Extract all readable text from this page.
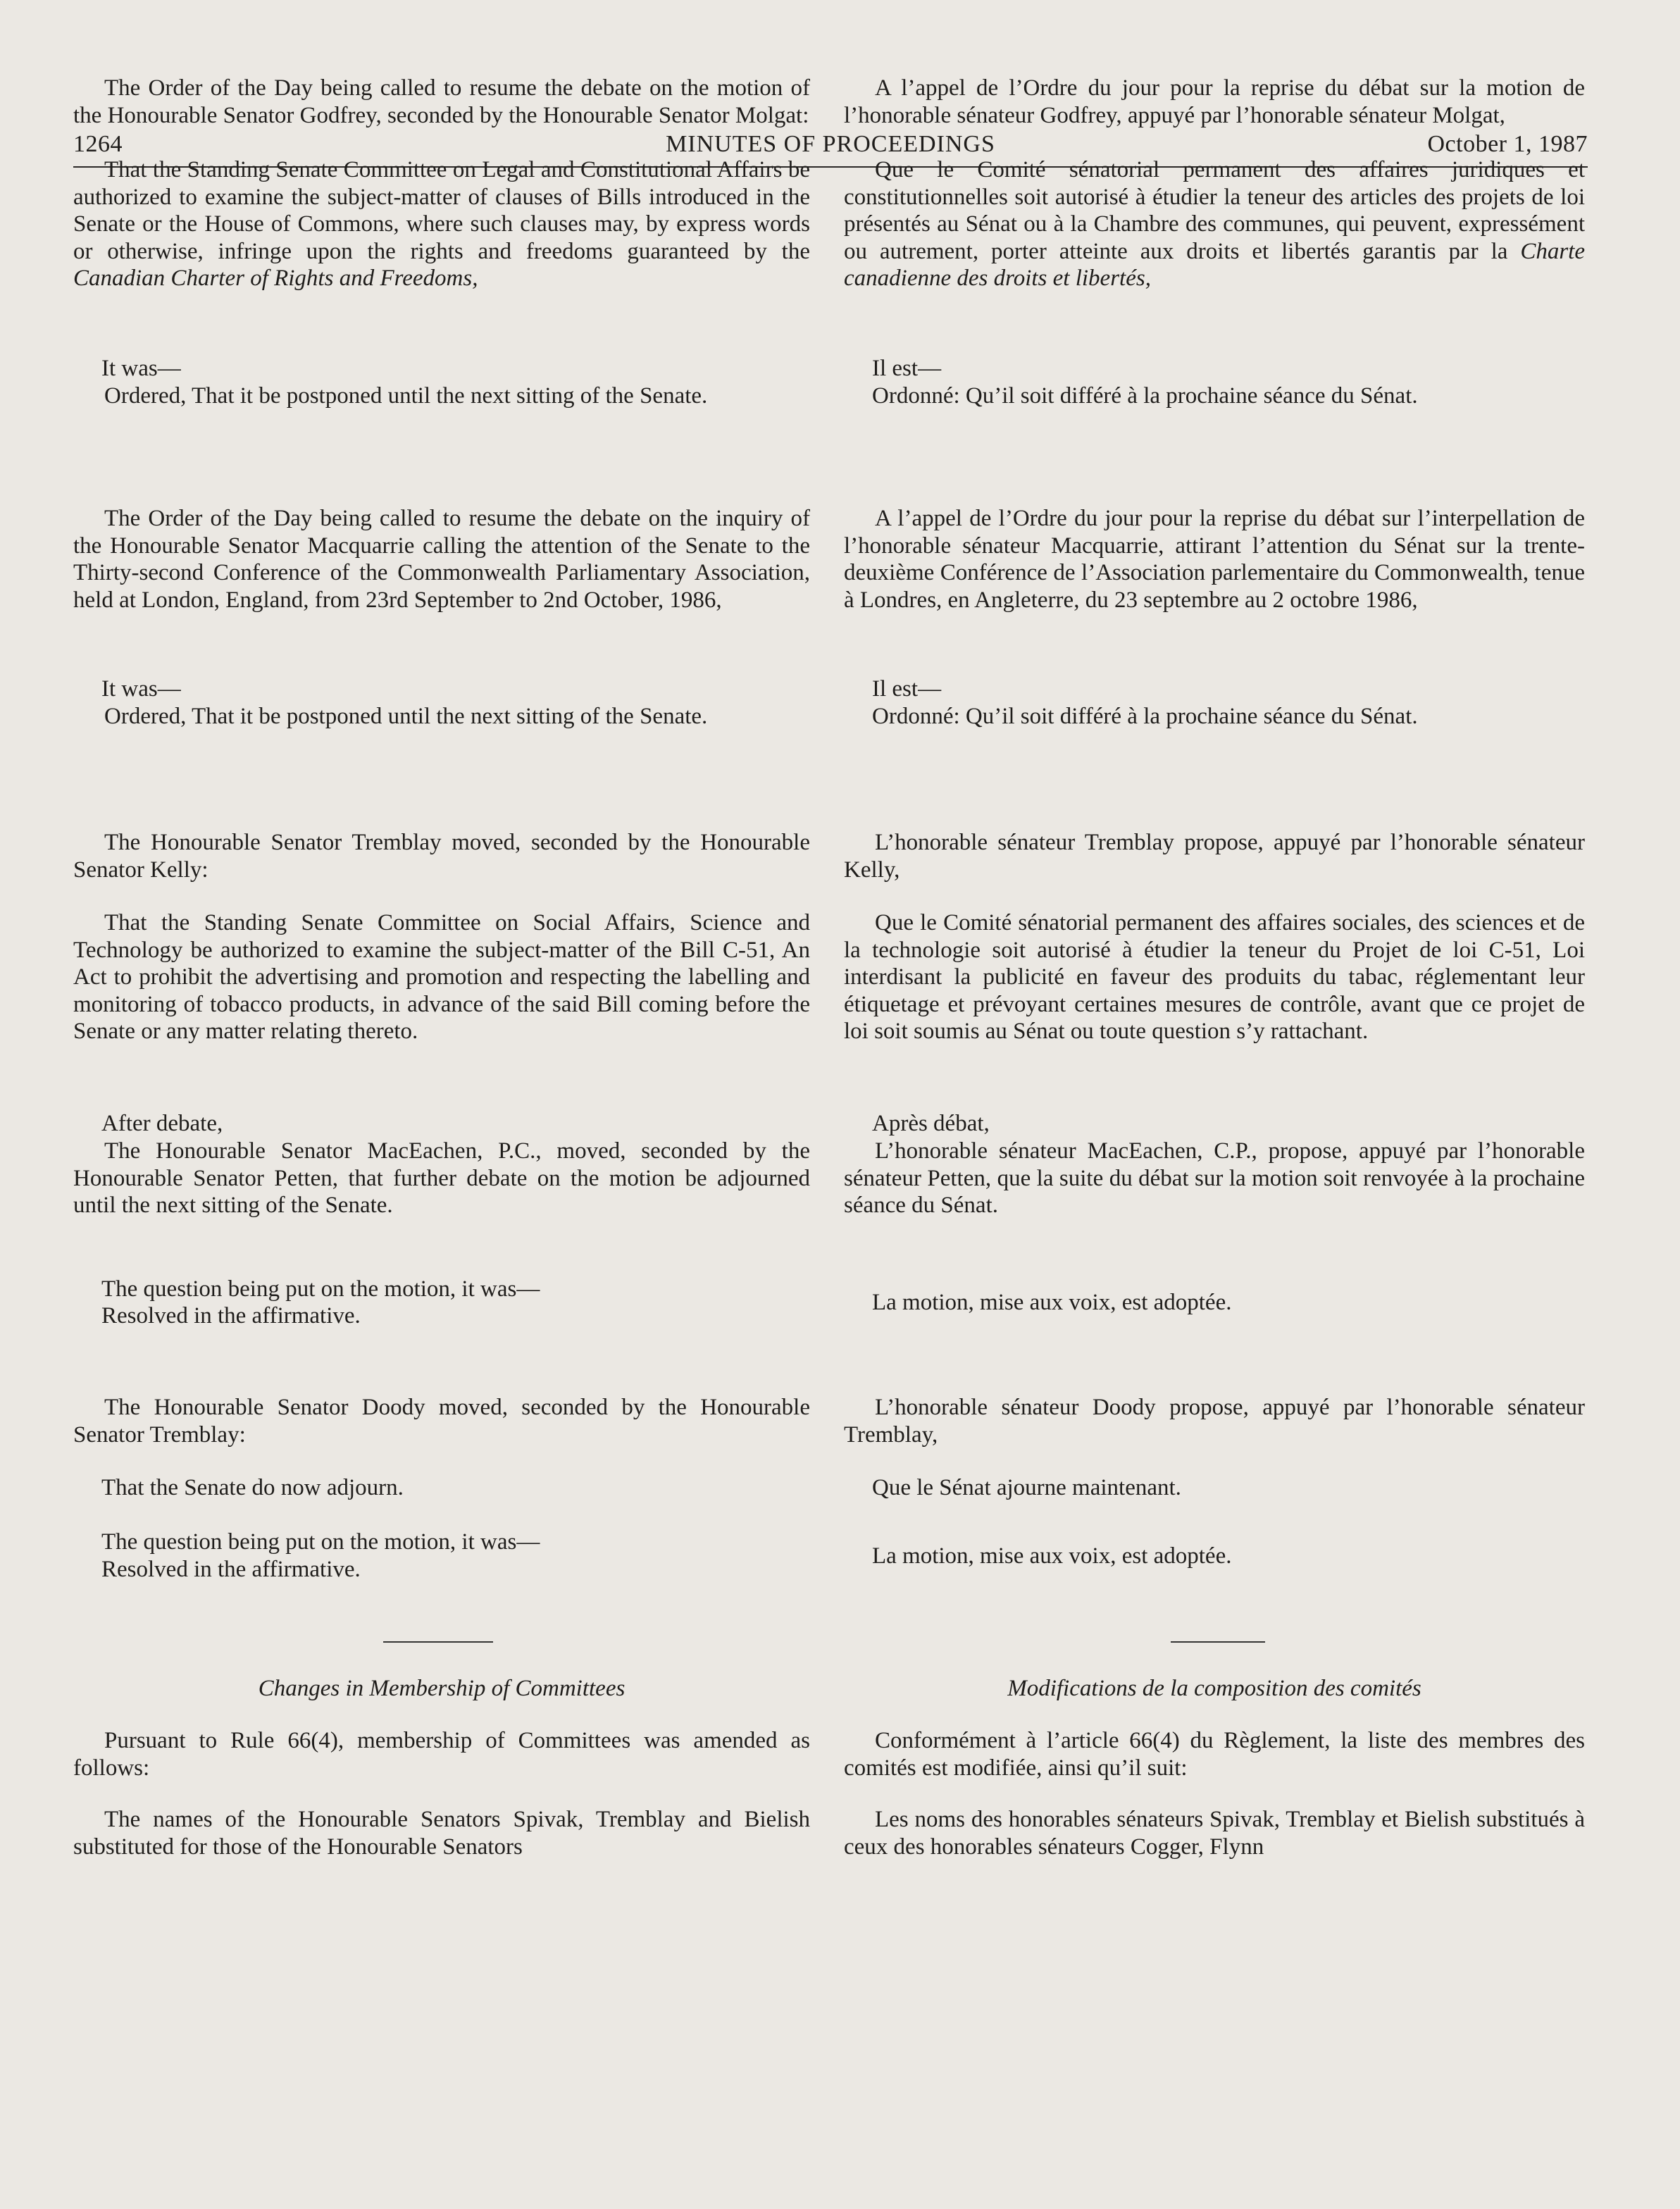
1264	MINUTES OF PROCEEDINGS	October 1, 1987

The Order of the Day being called to resume the debate on the motion of the Honourable Senator Godfrey, seconded by the Honourable Senator Molgat:

That the Standing Senate Committee on Legal and Constitutional Affairs be authorized to examine the subject-matter of clauses of Bills introduced in the Senate or the House of Commons, where such clauses may, by express words or otherwise, infringe upon the rights and freedoms guaranteed by the Canadian Charter of Rights and Freedoms,

It was—

Ordered, That it be postponed until the next sitting of the Senate.

The Order of the Day being called to resume the debate on the inquiry of the Honourable Senator Macquarrie calling the attention of the Senate to the Thirty-second Conference of the Commonwealth Parliamentary Association, held at London, England, from 23rd September to 2nd October, 1986,

It was—

Ordered, That it be postponed until the next sitting of the Senate.

The Honourable Senator Tremblay moved, seconded by the Honourable Senator Kelly:

That the Standing Senate Committee on Social Affairs, Science and Technology be authorized to examine the subject-matter of the Bill C-51, An Act to prohibit the advertising and promotion and respecting the labelling and monitoring of tobacco products, in advance of the said Bill coming before the Senate or any matter relating thereto.

After debate,

The Honourable Senator MacEachen, P.C., moved, seconded by the Honourable Senator Petten, that further debate on the motion be adjourned until the next sitting of the Senate.

The question being put on the motion, it was—

Resolved in the affirmative.

The Honourable Senator Doody moved, seconded by the Honourable Senator Tremblay:

That the Senate do now adjourn.

The question being put on the motion, it was—

Resolved in the affirmative.

Changes in Membership of Committees

Pursuant to Rule 66(4), membership of Committees was amended as follows:

The names of the Honourable Senators Spivak, Tremblay and Bielish substituted for those of the Honourable Senators

A l’appel de l’Ordre du jour pour la reprise du débat sur la motion de l’honorable sénateur Godfrey, appuyé par l’honorable sénateur Molgat,

Que le Comité sénatorial permanent des affaires juridiques et constitutionnelles soit autorisé à étudier la teneur des articles des projets de loi présentés au Sénat ou à la Chambre des communes, qui peuvent, expressément ou autrement, porter atteinte aux droits et libertés garantis par la Charte canadienne des droits et libertés,

Il est—

Ordonné: Qu’il soit différé à la prochaine séance du Sénat.

A l’appel de l’Ordre du jour pour la reprise du débat sur l’interpellation de l’honorable sénateur Macquarrie, attirant l’attention du Sénat sur la trente- deuxième Conférence de l’Association parlementaire du Commonwealth, tenue à Londres, en Angleterre, du 23 septembre au 2 octobre 1986,

Il est—

Ordonné: Qu’il soit différé à la prochaine séance du Sénat.

L’honorable sénateur Tremblay propose, appuyé par l’honorable sénateur Kelly,

Que le Comité sénatorial permanent des affaires sociales, des sciences et de la technologie soit autorisé à étudier la teneur du Projet de loi C-51, Loi interdisant la publicité en faveur des produits du tabac, réglementant leur étiquetage et prévoyant certaines mesures de contrôle, avant que ce projet de loi soit soumis au Sénat ou toute question s’y rattachant.

Après débat,

L’honorable sénateur MacEachen, C.P., propose, appuyé par l’honorable sénateur Petten, que la suite du débat sur la motion soit renvoyée à la prochaine séance du Sénat.

La motion, mise aux voix, est adoptée.

L’honorable sénateur Doody propose, appuyé par l’honorable sénateur Tremblay,

Que le Sénat ajourne maintenant.

La motion, mise aux voix, est adoptée.

Modifications de la composition des comités

Conformément à l’article 66(4) du Règlement, la liste des membres des comités est modifiée, ainsi qu’il suit:

Les noms des honorables sénateurs Spivak, Tremblay et Bielish substitués à ceux des honorables sénateurs Cogger, Flynn
